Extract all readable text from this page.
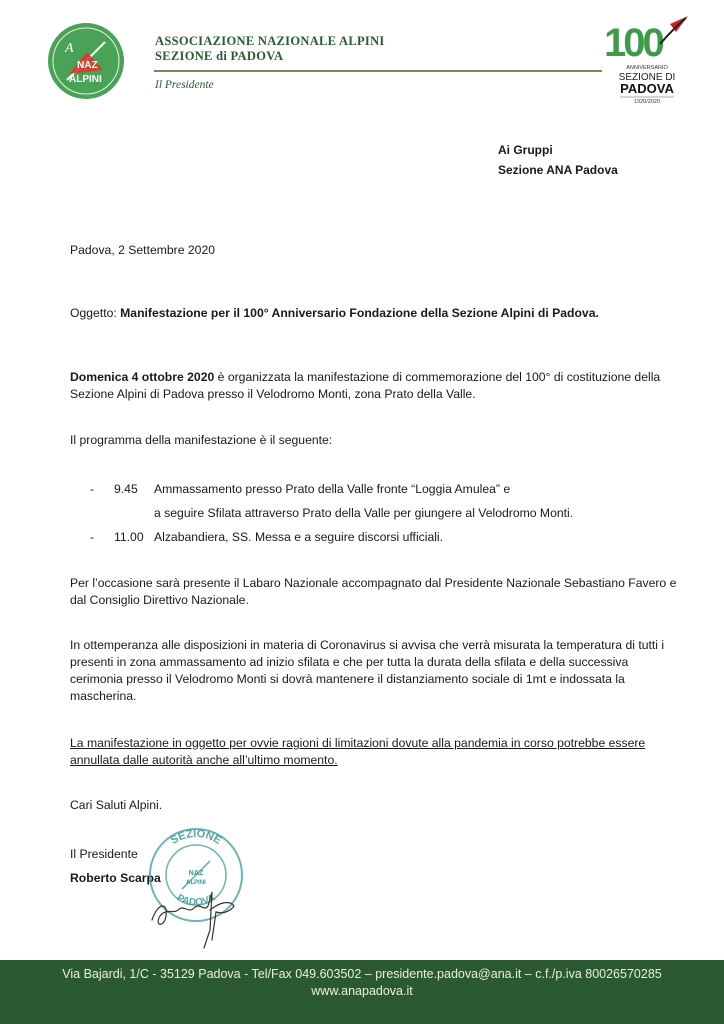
A
NAZ
ALPINI
ASSOCIAZIONE NAZIONALE ALPINI
SEZIONE di PADOVA
Il Presidente
100
ANNIVERSARIO
SEZIONE DI
PADOVA
1920/2020
Ai Gruppi
Sezione ANA Padova
Padova, 2 Settembre 2020
Oggetto: Manifestazione per il 100° Anniversario Fondazione della Sezione Alpini di Padova.
Domenica 4 ottobre 2020 è organizzata la manifestazione di commemorazione del 100° di costituzione della
Sezione Alpini di Padova presso il Velodromo Monti, zona Prato della Valle.
Il programma della manifestazione è il seguente:
- 9.45 Ammassamento presso Prato della Valle fronte “Loggia Amulea” e
a seguire Sfilata attraverso Prato della Valle per giungere al Velodromo Monti.
- 11.00 Alzabandiera, SS. Messa e a seguire discorsi ufficiali.
Per l’occasione sarà presente il Labaro Nazionale accompagnato dal Presidente Nazionale Sebastiano Favero e
dal Consiglio Direttivo Nazionale.
In ottemperanza alle disposizioni in materia di Coronavirus si avvisa che verrà misurata la temperatura di tutti i
presenti in zona ammassamento ad inizio sfilata e che per tutta la durata della sfilata e della successiva
cerimonia presso il Velodromo Monti si dovrà mantenere il distanziamento sociale di 1mt e indossata la
mascherina.
La manifestazione in oggetto per ovvie ragioni di limitazioni dovute alla pandemia in corso potrebbe essere
annullata dalle autorità anche all’ultimo momento.
Cari Saluti Alpini.
Il Presidente
Roberto Scarpa
SEZIONE
PADOVA
NAZ
ALPINI
Via Bajardi, 1/C - 35129 Padova - Tel/Fax 049.603502 – presidente.padova@ana.it – c.f./p.iva 80026570285
www.anapadova.it
